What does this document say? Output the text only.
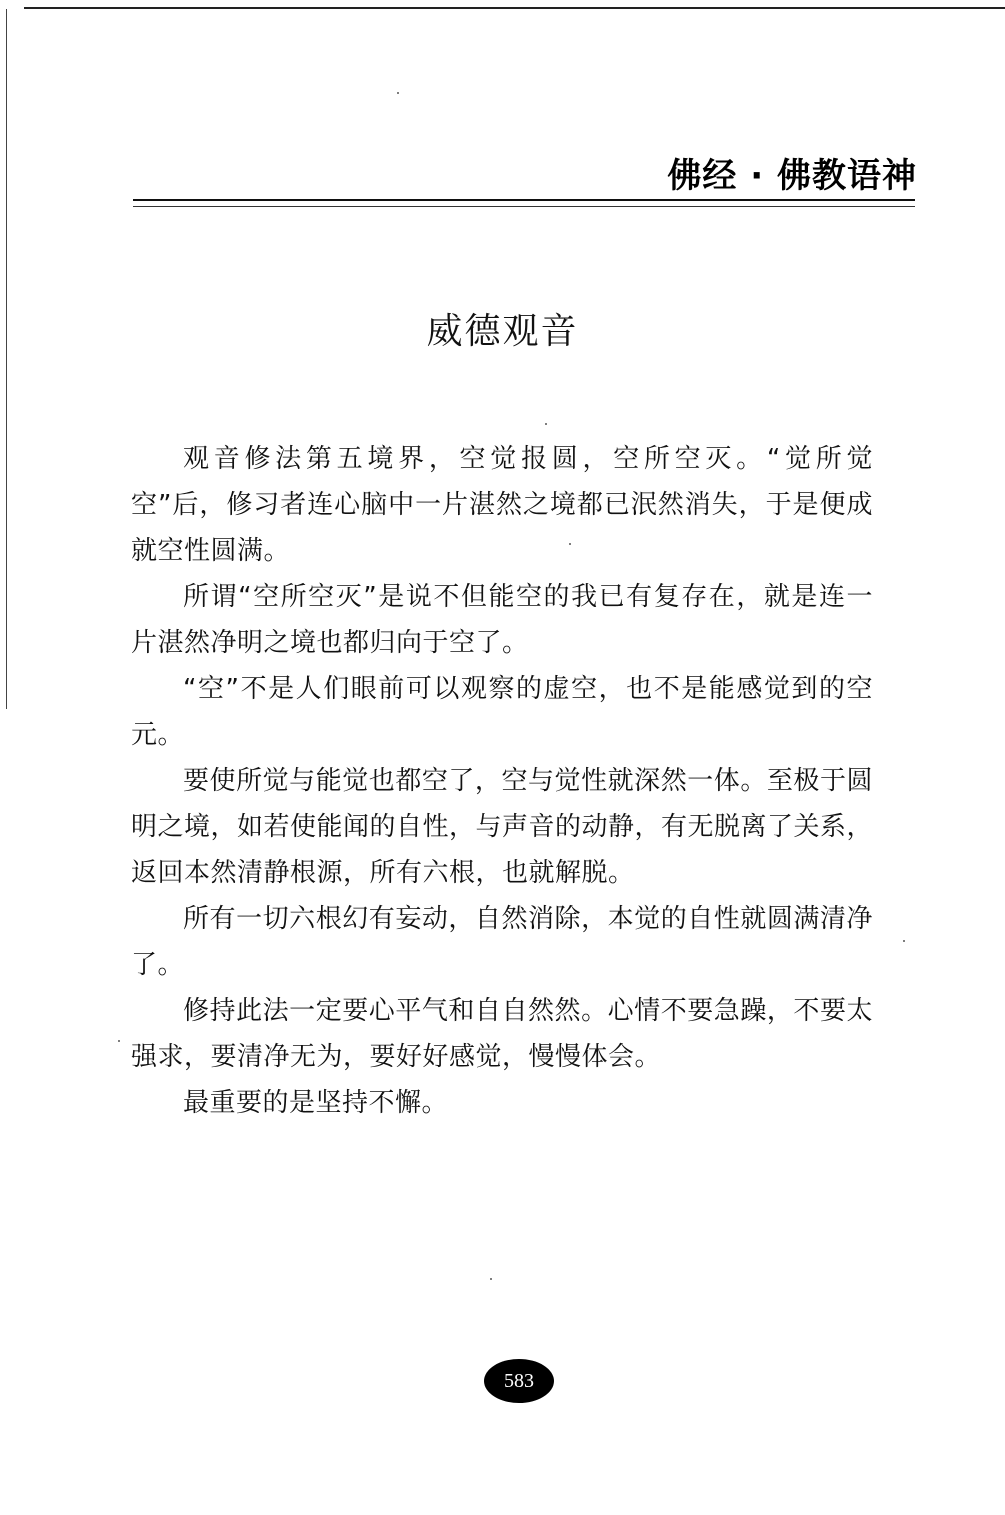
佛经 · 佛教语神
威德观音

观音修法第五境界，空觉报圆，空所空灭。“觉所觉空”后，修习者连心脑中一片湛然之境都已泯然消失，于是便成就空性圆满。

所谓“空所空灭”是说不但能空的我已有复存在，就是连一片湛然净明之境也都归向于空了。

“空”不是人们眼前可以观察的虚空，也不是能感觉到的空元。

要使所觉与能觉也都空了，空与觉性就深然一体。至极于圆明之境，如若使能闻的自性，与声音的动静，有无脱离了关系，返回本然清静根源，所有六根，也就解脱。

所有一切六根幻有妄动，自然消除，本觉的自性就圆满清净了。

修持此法一定要心平气和自自然然。心情不要急躁，不要太强求，要清净无为，要好好感觉，慢慢体会。

最重要的是坚持不懈。

583
